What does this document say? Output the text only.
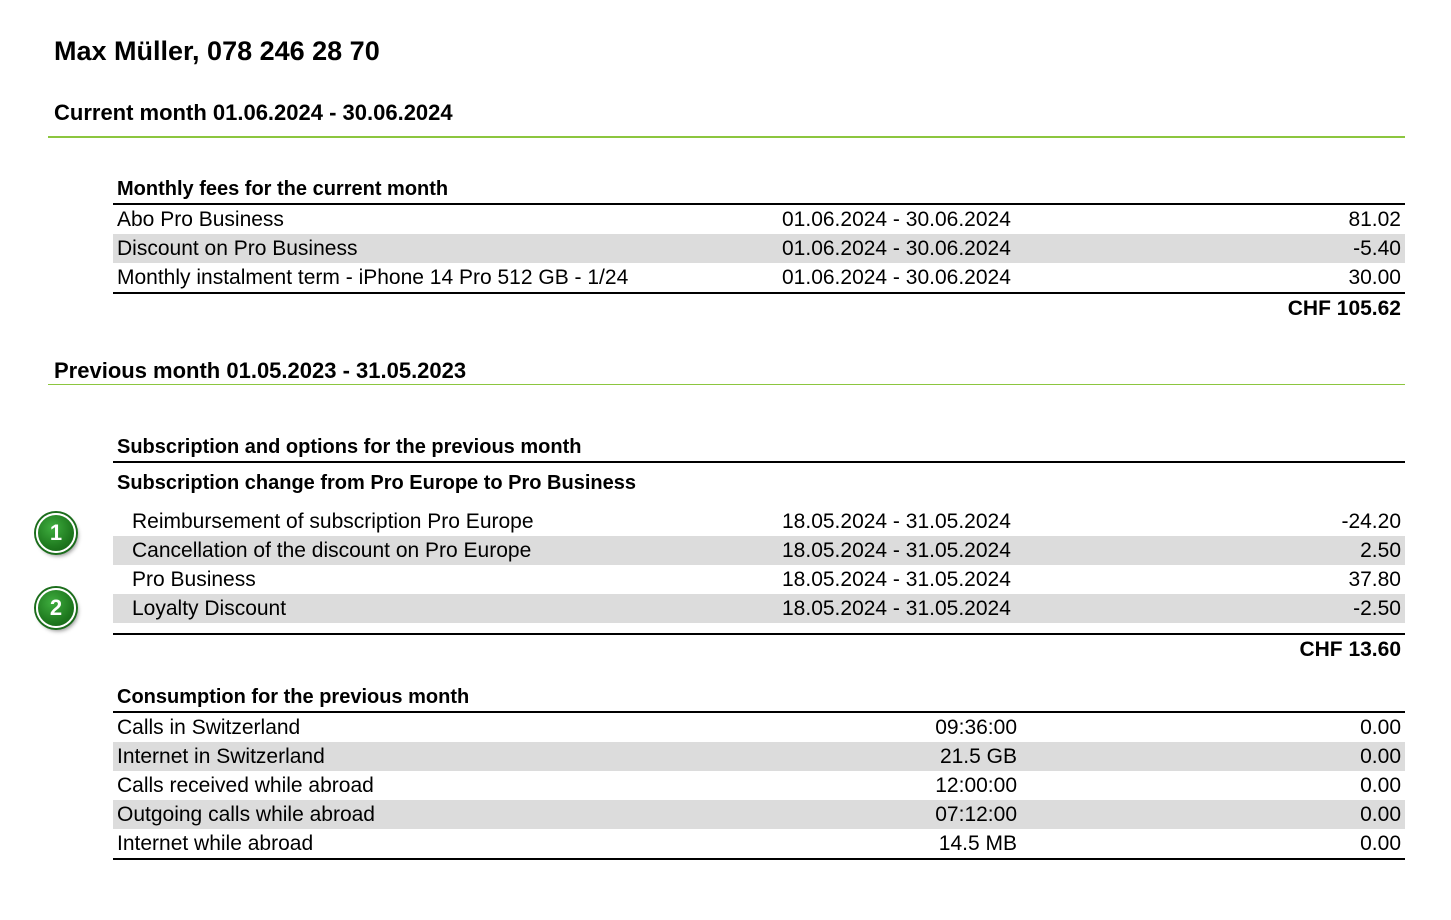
Max Müller, 078 246 28 70
Current month 01.06.2024 - 30.06.2024
Monthly fees for the current month
Abo Pro Business	01.06.2024 - 30.06.2024	81.02
Discount on Pro Business	01.06.2024 - 30.06.2024	-5.40
Monthly instalment term - iPhone 14 Pro 512 GB - 1/24	01.06.2024 - 30.06.2024	30.00
CHF 105.62
Previous month 01.05.2023 - 31.05.2023
Subscription and options for the previous month
Subscription change from Pro Europe to Pro Business
Reimbursement of subscription Pro Europe	18.05.2024 - 31.05.2024	-24.20
Cancellation of the discount on Pro Europe	18.05.2024 - 31.05.2024	2.50
Pro Business	18.05.2024 - 31.05.2024	37.80
Loyalty Discount	18.05.2024 - 31.05.2024	-2.50
CHF 13.60
Consumption for the previous month
Calls in Switzerland	09:36:00	0.00
Internet in Switzerland	21.5 GB	0.00
Calls received while abroad	12:00:00	0.00
Outgoing calls while abroad	07:12:00	0.00
Internet while abroad	14.5 MB	0.00
1
2
